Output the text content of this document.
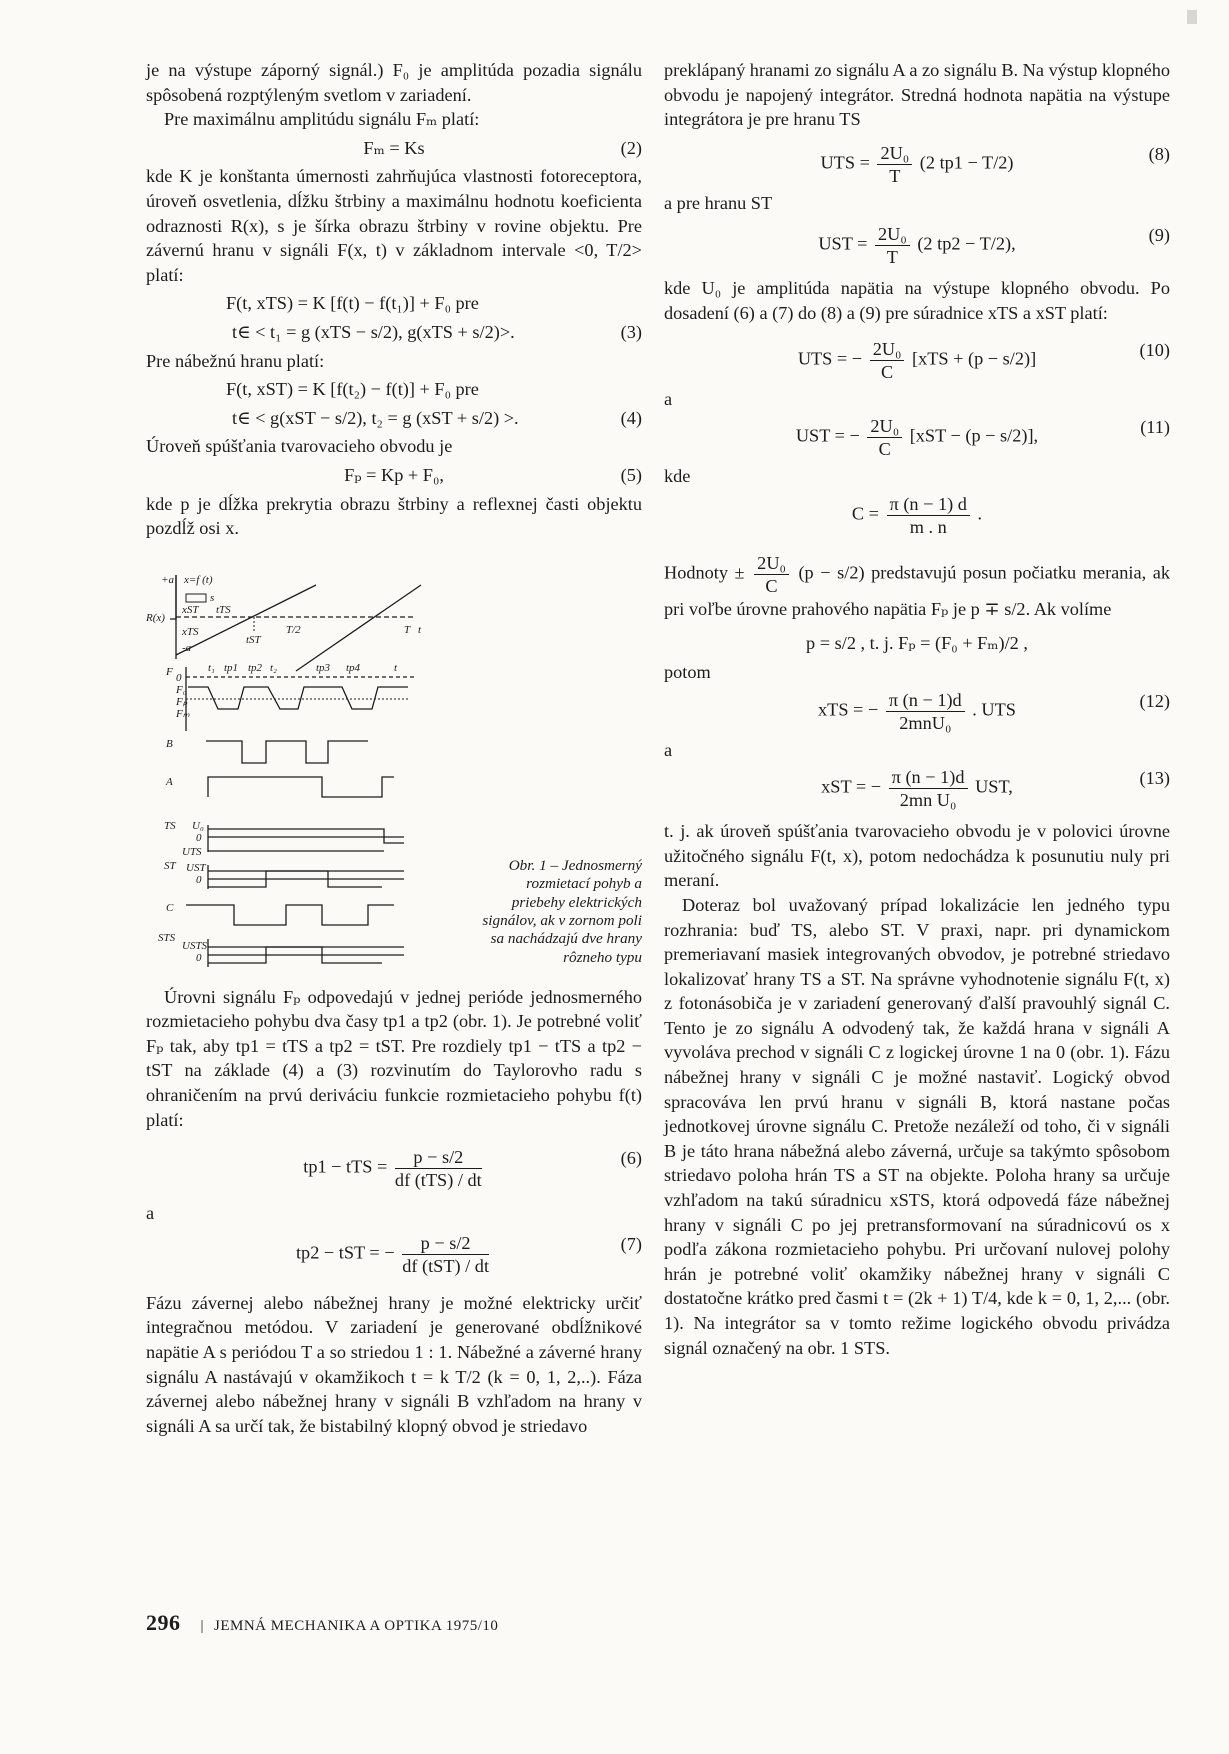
je na výstupe záporný signál.) F₀ je amplitúda pozadia signálu spôsobená rozptýleným svetlom v zariadení.

Pre maximálnu amplitúdu signálu Fₘ platí:

Fₘ = Ks	(2)

kde K je konštanta úmernosti zahrňujúca vlastnosti fotoreceptora, úroveň osvetlenia, dĺžku štrbiny a maximálnu hodnotu koeficienta odraznosti R(x), s je šírka obrazu štrbiny v rovine objektu. Pre závernú hranu v signáli F(x, t) v základnom intervale <0, T/2> platí:

F(t, xTS) = K [f(t) − f(t₁)] + F₀ pre
t∈ < t₁ = g (xTS − s/2), g(xTS + s/2)>.	(3)

Pre nábežnú hranu platí:

F(t, xST) = K [f(t₂) − f(t)] + F₀ pre
t∈ < g(xST − s/2), t₂ = g (xST + s/2) >.	(4)

Úroveň spúšťania tvarovacieho obvodu je

Fₚ = Kp + F₀,	(5)

kde p je dĺžka prekrytia obrazu štrbiny a reflexnej časti objektu pozdĺž osi x.

x=f (t)
+a
s
tTS
tST
xST
xTS
-a
R(x)
T/2	T t
t₁ tp1 tp2 t₂	tp3 tp4	t
F 0
F₀
Fₚ
Fₘ
B
A
TS
ST
C
STS
U₀
0
UTS
UST
0
USTS
0
Obr. 1 – Jednosmerný rozmietací pohyb a priebehy elektrických signálov, ak v zornom poli sa nachádzajú dve hrany rôzneho typu

Úrovni signálu Fₚ odpovedajú v jednej perióde jednosmerného rozmietacieho pohybu dva časy tp1 a tp2 (obr. 1). Je potrebné voliť Fₚ tak, aby tp1 = tTS a tp2 = tST. Pre rozdiely tp1 − tTS a tp2 − tST na základe (4) a (3) rozvinutím do Taylorovho radu s ohraničením na prvú deriváciu funkcie rozmietacieho pohybu f(t) platí:

tp1 − tTS = $\frac{p - s/2}{\text{df (tTS) / dt}}$	(6)

a

tp2 − tST = − $\frac{p - s/2}{\text{df (tST) / dt}}$	(7)

Fázu závernej alebo nábežnej hrany je možné elektricky určiť integračnou metódou. V zariadení je generované obdĺžnikové napätie A s periódou T a so striedou 1 : 1. Nábežné a záverné hrany signálu A nastávajú v okamžikoch t = k T/2 (k = 0, 1, 2,..). Fáza závernej alebo nábežnej hrany v signáli B vzhľadom na hrany v signáli A sa určí tak, že bistabilný klopný obvod je striedavo

preklápaný hranami zo signálu A a zo signálu B. Na výstup klopného obvodu je napojený integrátor. Stredná hodnota napätia na výstupe integrátora je pre hranu TS

UTS = $\frac{\text{2U₀}}{T} (2$ tp1 − T/2)	(8)

a pre hranu ST

UST = $\frac{\text{2U₀}}{T} (2$ tp2 − T/2),	(9)

kde U₀ je amplitúda napätia na výstupe klopného obvodu. Po dosadení (6) a (7) do (8) a (9) pre súradnice xTS a xST platí:

UTS = − $\frac{\text{2U₀}}{C} [xTS + (p - s/2)]$	(10)

a

UST = − $\frac{\text{2U₀}}{C} [xST - (p - s/2)]$,	(11)

kde

$C = \frac{\pi (n - 1) d}{m . n}$ .

Hodnoty ± $\frac{\text{2U₀}}{C} (p - s/2)$ predstavujú posun počiatku merania, ak pri voľbe úrovne prahového napätia Fₚ je p ∓ s/2. Ak volíme

p = s/2 , t. j. Fₚ = (F₀ + Fₘ)/2 ,

potom

xTS = − $\frac{\pi (n - 1)d}{\text{2mnU₀}}$ . UTS	(12)

a

xST = − $\frac{\pi (n - 1)d}{\text{2mn U₀}}$ UST,	(13)

t. j. ak úroveň spúšťania tvarovacieho obvodu je v polovici úrovne užitočného signálu F(t, x), potom nedochádza k posunutiu nuly pri meraní.

Doteraz bol uvažovaný prípad lokalizácie len jedného typu rozhrania: buď TS, alebo ST. V praxi, napr. pri dynamickom premeriavaní masiek integrovaných obvodov, je potrebné striedavo lokalizovať hrany TS a ST. Na správne vyhodnotenie signálu F(t, x) z fotonásobiča je v zariadení generovaný ďalší pravouhlý signál C. Tento je zo signálu A odvodený tak, že každá hrana v signáli A vyvoláva prechod v signáli C z logickej úrovne 1 na 0 (obr. 1). Fázu nábežnej hrany v signáli C je možné nastaviť. Logický obvod spracováva len prvú hranu v signáli B, ktorá nastane počas jednotkovej úrovne signálu C. Pretože nezáleží od toho, či v signáli B je táto hrana nábežná alebo záverná, určuje sa takýmto spôsobom striedavo poloha hrán TS a ST na objekte. Poloha hrany sa určuje vzhľadom na takú súradnicu xSTS, ktorá odpovedá fáze nábežnej hrany v signáli C po jej pretransformovaní na súradnicovú os x podľa zákona rozmietacieho pohybu. Pri určovaní nulovej polohy hrán je potrebné voliť okamžiky nábežnej hrany v signáli C dostatočne krátko pred časmi t = (2k + 1) T/4, kde k = 0, 1, 2,... (obr. 1). Na integrátor sa v tomto režime logického obvodu privádza signál označený na obr. 1 STS.

296 | JEMNÁ MECHANIKA A OPTIKA 1975/10
